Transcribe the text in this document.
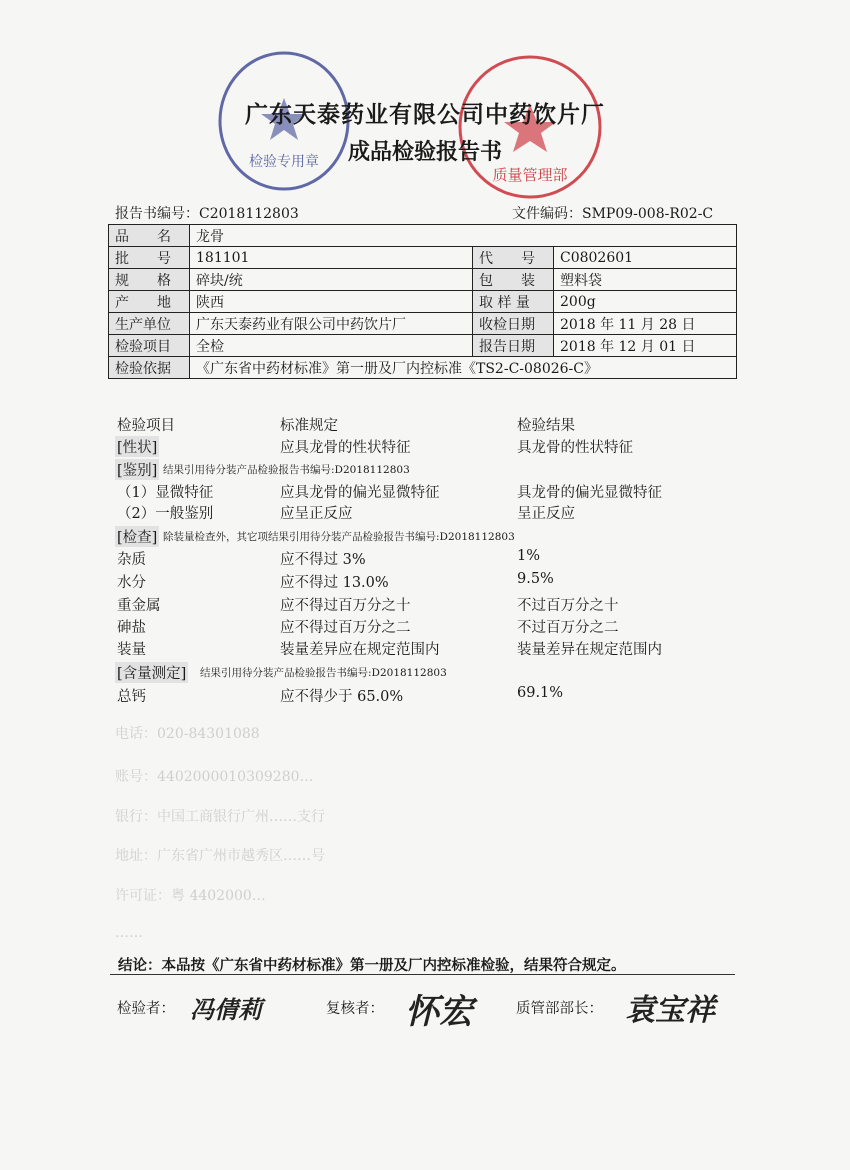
检验专用章
质量管理部
广东天泰药业有限公司中药饮片厂
成品检验报告书
报告书编号：C2018112803	文件编码：SMP09-008-R02-C
品　　名	龙骨		
批　　号	181101	代　　号	C0802601
规　　格	碎块/统	包　　装	塑料袋
产　　地	陕西	取 样 量	200g
生产单位	广东天泰药业有限公司中药饮片厂	收检日期	2018 年 11 月 28 日
检验项目	全检	报告日期	2018 年 12 月 01 日
检验依据	《广东省中药材标准》第一册及厂内控标准《TS2-C-08026-C》		
检验项目	标准规定	检验结果
[性状]	应具龙骨的性状特征	具龙骨的性状特征
[鉴别] 结果引用待分装产品检验报告书编号:D2018112803
（1）显微特征	应具龙骨的偏光显微特征	具龙骨的偏光显微特征
（2）一般鉴别	应呈正反应	呈正反应
[检查] 除装量检查外，其它项结果引用待分装产品检验报告书编号:D2018112803
杂质	应不得过 3%	1%
水分	应不得过 13.0%	9.5%
重金属	应不得过百万分之十	不过百万分之十
砷盐	应不得过百万分之二	不过百万分之二
装量	装量差异应在规定范围内	装量差异在规定范围内
[含量测定] 结果引用待分装产品检验报告书编号:D2018112803
总钙	应不得少于 65.0%	69.1%
电话：020-84301088
账号：4402000010309280…
银行：中国工商银行广州……支行
地址：广东省广州市越秀区……号
许可证：粤 4402000…
……
结论：本品按《广东省中药材标准》第一册及厂内控标准检验，结果符合规定。
检验者： 冯倩莉	复核者： 怀宏	质管部部长： 袁宝祥
